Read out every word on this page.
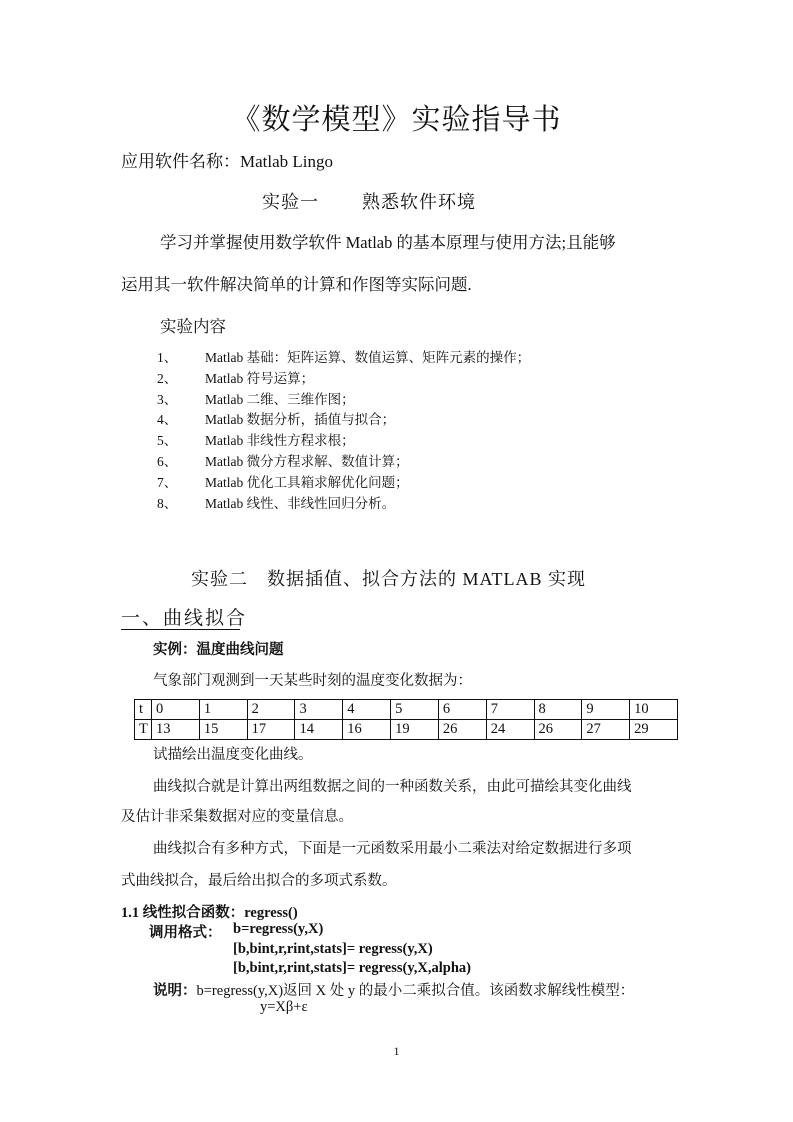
《数学模型》实验指导书
应用软件名称：Matlab Lingo
实验一 熟悉软件环境
学习并掌握使用数学软件 Matlab 的基本原理与使用方法;且能够
运用其一软件解决简单的计算和作图等实际问题.
实验内容
1、	Matlab 基础：矩阵运算、数值运算、矩阵元素的操作；
2、	Matlab 符号运算；
3、	Matlab 二维、三维作图；
4、	Matlab 数据分析，插值与拟合；
5、	Matlab 非线性方程求根；
6、	Matlab 微分方程求解、数值计算；
7、	Matlab 优化工具箱求解优化问题；
8、	Matlab 线性、非线性回归分析。
实验二　数据插值、拟合方法的 MATLAB 实现
一、曲线拟合
实例：温度曲线问题
气象部门观测到一天某些时刻的温度变化数据为：
t	0	1	2	3	4	5	6	7	8	9	10
T	13	15	17	14	16	19	26	24	26	27	29
试描绘出温度变化曲线。
曲线拟合就是计算出两组数据之间的一种函数关系，由此可描绘其变化曲线
及估计非采集数据对应的变量信息。
曲线拟合有多种方式，下面是一元函数采用最小二乘法对给定数据进行多项
式曲线拟合，最后给出拟合的多项式系数。
1.1 线性拟合函数：regress()
调用格式： b=regress(y,X)
[b,bint,r,rint,stats]= regress(y,X)
[b,bint,r,rint,stats]= regress(y,X,alpha)
说明：b=regress(y,X)返回 X 处 y 的最小二乘拟合值。该函数求解线性模型：
y=Xβ+ε
1
